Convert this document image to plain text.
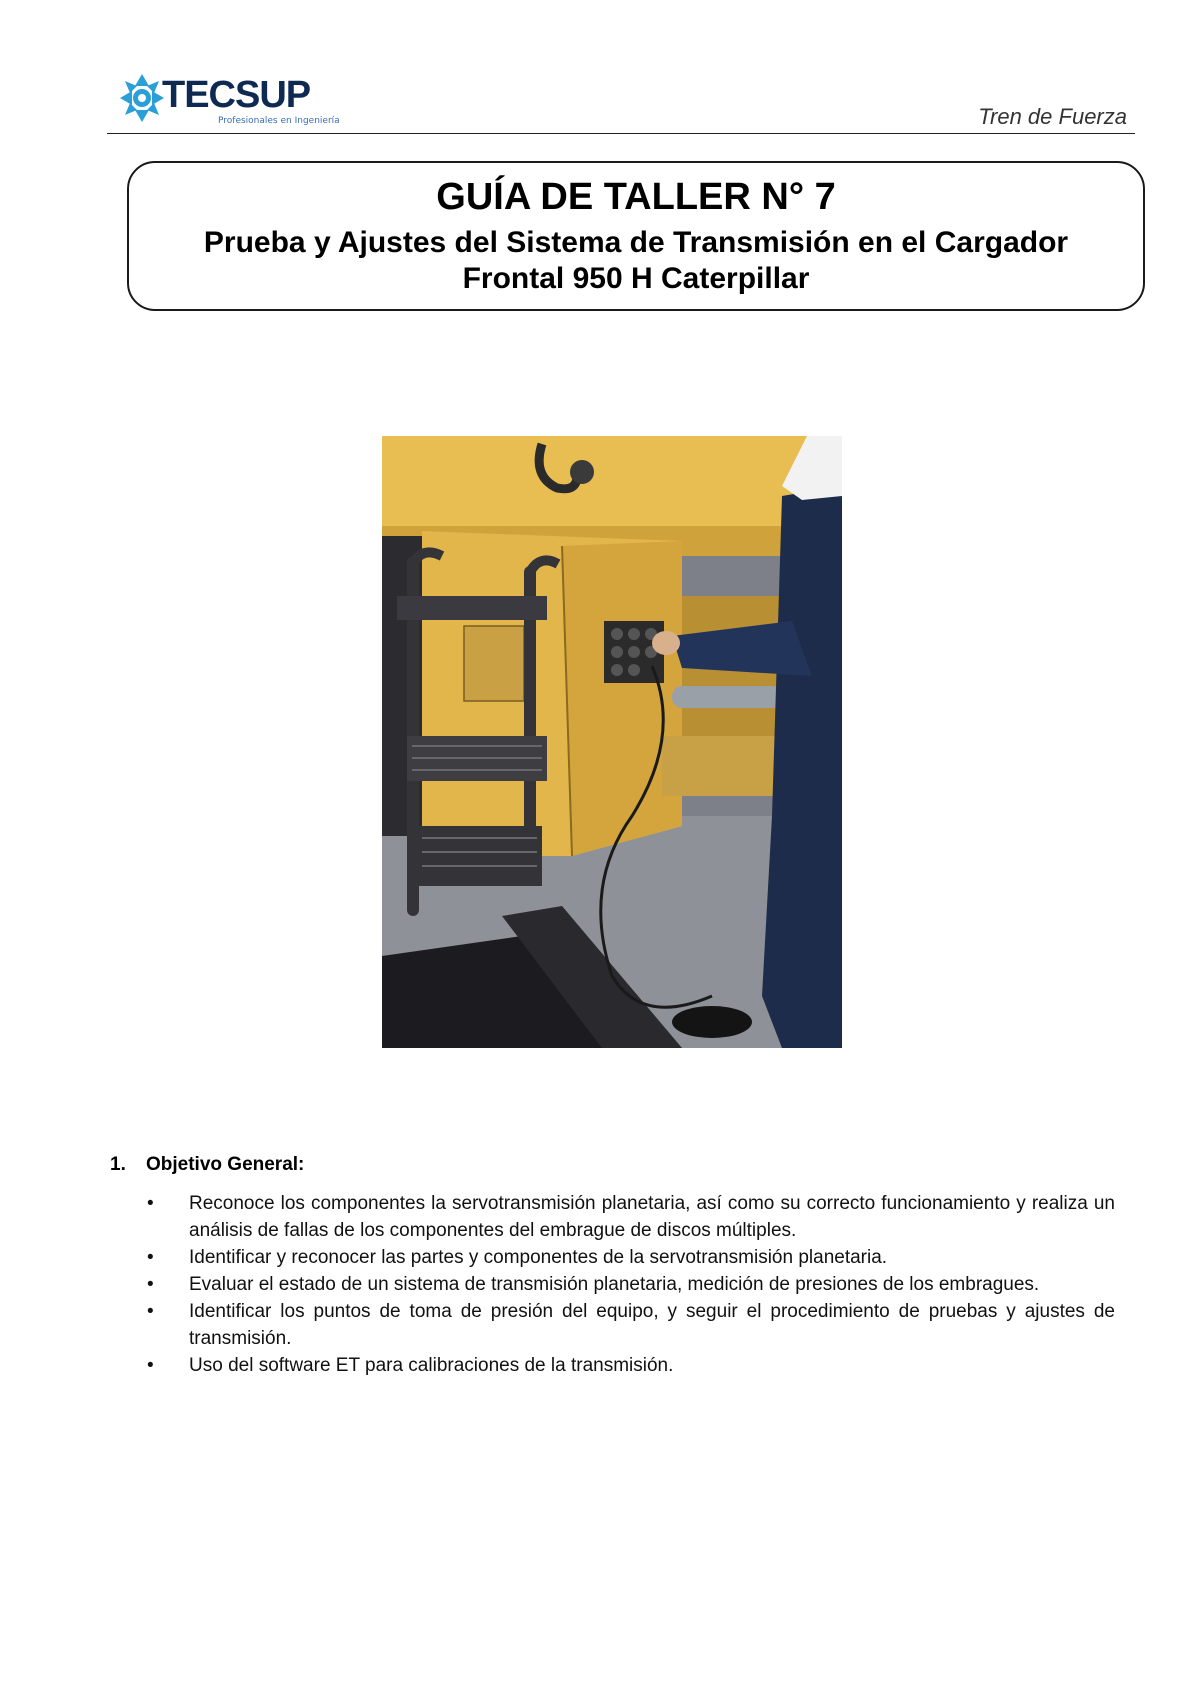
TECSUP
Profesionales en Ingeniería	Tren de Fuerza
GUÍA DE TALLER N° 7
Prueba y Ajustes del Sistema de Transmisión en el Cargador Frontal 950 H Caterpillar
1.	Objetivo General:
• Reconoce los componentes la servotransmisión planetaria, así como su correcto funcionamiento y realiza un análisis de fallas de los componentes del embrague de discos múltiples.
• Identificar y reconocer las partes y componentes de la servotransmisión planetaria.
• Evaluar el estado de un sistema de transmisión planetaria, medición de presiones de los embragues.
• Identificar los puntos de toma de presión del equipo, y seguir el procedimiento de pruebas y ajustes de transmisión.
• Uso del software ET para calibraciones de la transmisión.
